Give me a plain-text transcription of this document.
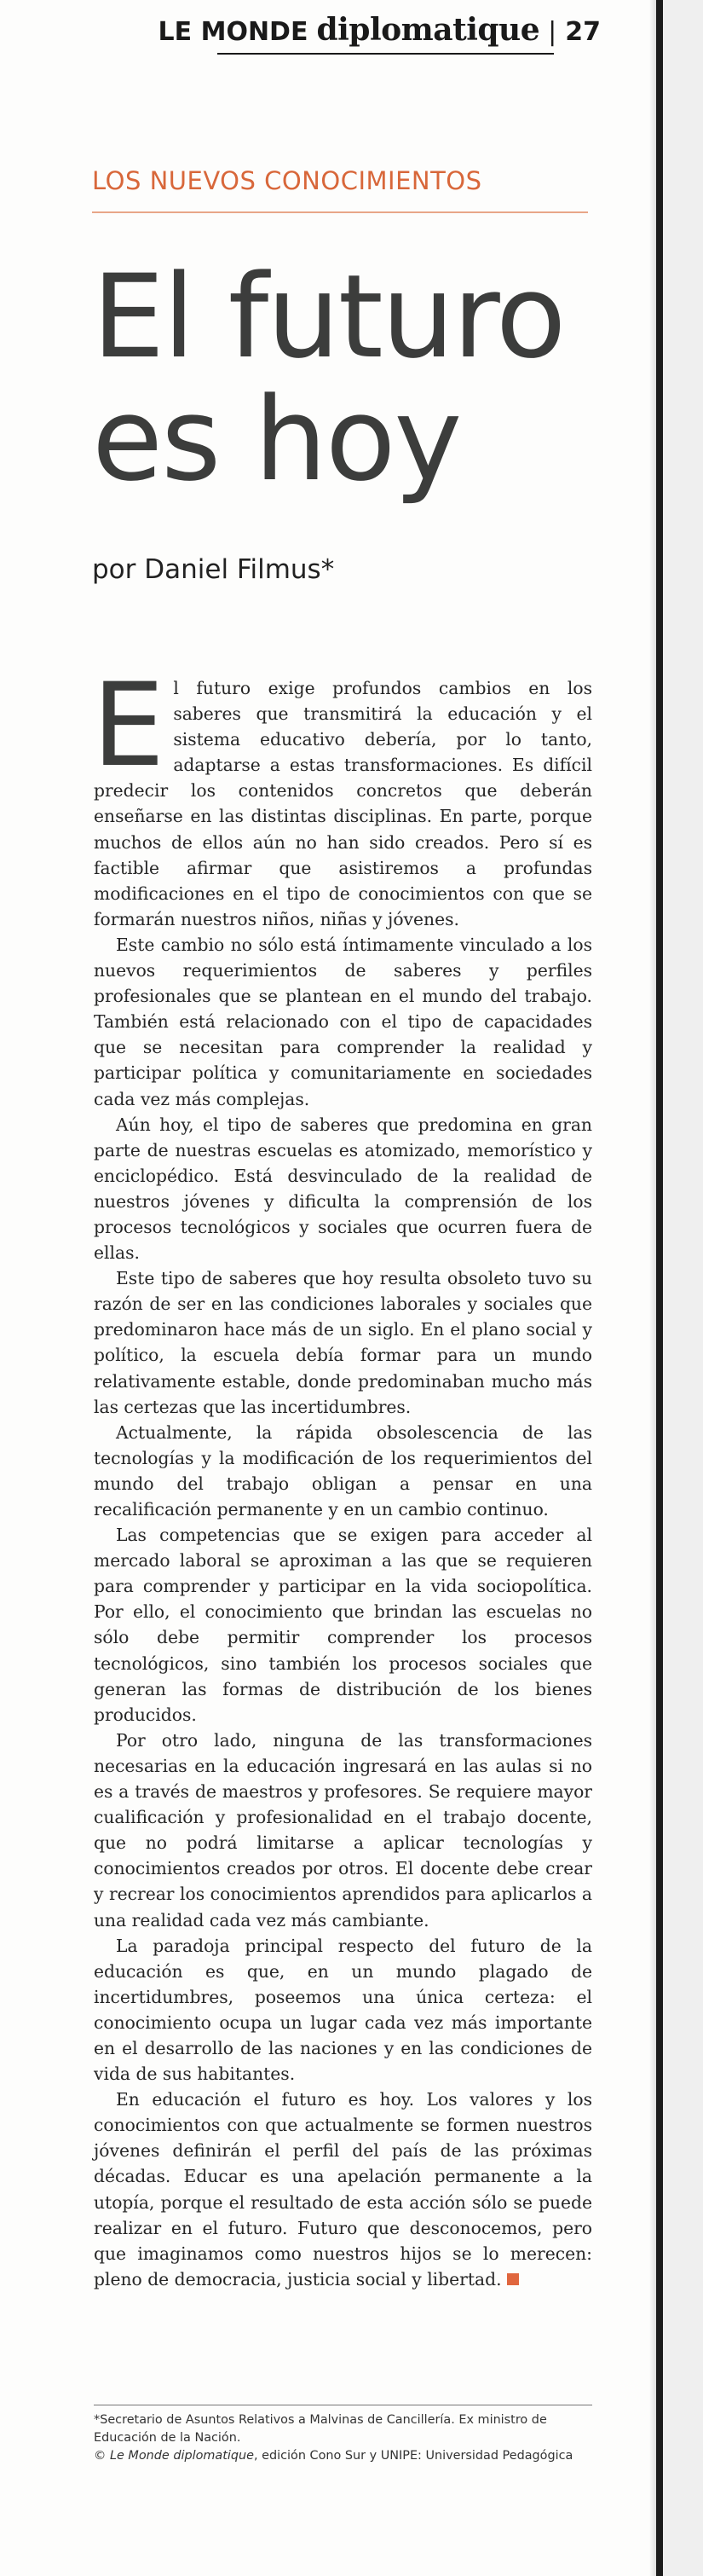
LE MONDE diplomatique | 27
LOS NUEVOS CONOCIMIENTOS
El futuro
es hoy
por Daniel Filmus*

El futuro exige profundos cambios en los saberes que transmitirá la educación y el sistema educativo debería, por lo tanto, adaptarse a estas transformaciones. Es difícil predecir los contenidos concretos que deberán enseñarse en las distintas disciplinas. En parte, porque muchos de ellos aún no han sido creados. Pero sí es factible afirmar que asistiremos a profundas modificaciones en el tipo de conocimientos con que se formarán nuestros niños, niñas y jóvenes.

Este cambio no sólo está íntimamente vinculado a los nuevos requerimientos de saberes y perfiles profesionales que se plantean en el mundo del trabajo. También está relacionado con el tipo de capacidades que se necesitan para comprender la realidad y participar política y comunitariamente en sociedades cada vez más complejas.

Aún hoy, el tipo de saberes que predomina en gran parte de nuestras escuelas es atomizado, memorístico y enciclopédico. Está desvinculado de la realidad de nuestros jóvenes y dificulta la comprensión de los procesos tecnológicos y sociales que ocurren fuera de ellas.

Este tipo de saberes que hoy resulta obsoleto tuvo su razón de ser en las condiciones laborales y sociales que predominaron hace más de un siglo. En el plano social y político, la escuela debía formar para un mundo relativamente estable, donde predominaban mucho más las certezas que las incertidumbres.

Actualmente, la rápida obsolescencia de las tecnologías y la modificación de los requerimientos del mundo del trabajo obligan a pensar en una recalificación permanente y en un cambio continuo.

Las competencias que se exigen para acceder al mercado laboral se aproximan a las que se requieren para comprender y participar en la vida sociopolítica. Por ello, el conocimiento que brindan las escuelas no sólo debe permitir comprender los procesos tecnológicos, sino también los procesos sociales que generan las formas de distribución de los bienes producidos.

Por otro lado, ninguna de las transformaciones necesarias en la educación ingresará en las aulas si no es a través de maestros y profesores. Se requiere mayor cualificación y profesionalidad en el trabajo docente, que no podrá limitarse a aplicar tecnologías y conocimientos creados por otros. El docente debe crear y recrear los conocimientos aprendidos para aplicarlos a una realidad cada vez más cambiante.

La paradoja principal respecto del futuro de la educación es que, en un mundo plagado de incertidumbres, poseemos una única certeza: el conocimiento ocupa un lugar cada vez más importante en el desarrollo de las naciones y en las condiciones de vida de sus habitantes.

En educación el futuro es hoy. Los valores y los conocimientos con que actualmente se formen nuestros jóvenes definirán el perfil del país de las próximas décadas. Educar es una apelación permanente a la utopía, porque el resultado de esta acción sólo se puede realizar en el futuro. Futuro que desconocemos, pero que imaginamos como nuestros hijos se lo merecen: pleno de democracia, justicia social y libertad.

*Secretario de Asuntos Relativos a Malvinas de Cancillería. Ex ministro de Educación de la Nación.

© Le Monde diplomatique, edición Cono Sur y UNIPE: Universidad Pedagógica
